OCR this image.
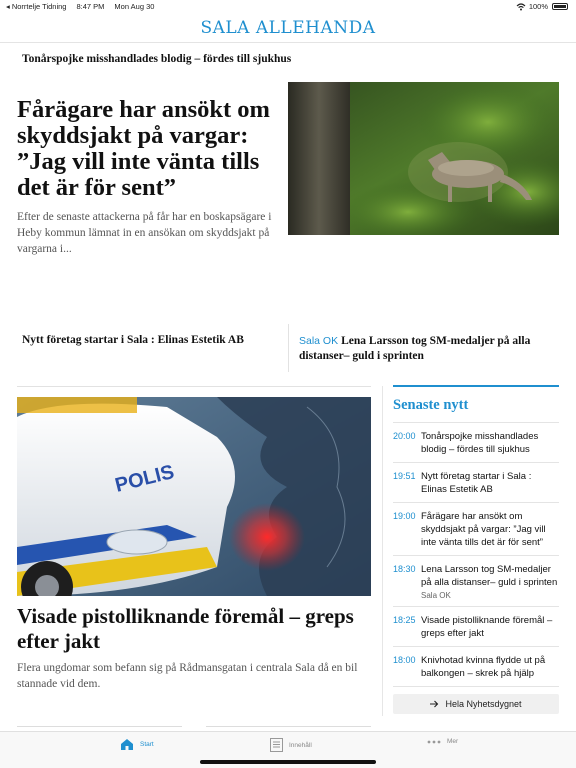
◂ Norrtelje Tidning 8:47 PM Mon Aug 30	100%
SALA ALLEHANDA
Tonårspojke misshandlades blodig – fördes till sjukhus
Fårägare har ansökt om skyddsjakt på vargar: ”Jag vill inte vänta tills det är för sent”
Efter de senaste attackerna på får har en boskapsägare i Heby kommun lämnat in en ansökan om skyddsjakt på vargarna i...
Nytt företag startar i Sala : Elinas Estetik AB	Sala OK Lena Larsson tog SM-medaljer på alla distanser– guld i sprinten
POLIS
Visade pistolliknande föremål – greps efter jakt
Flera ungdomar som befann sig på Rådmansgatan i centrala Sala då en bil stannade vid dem.
Senaste nytt
20:00 Tonårspojke misshandlades blodig – fördes till sjukhus
19:51 Nytt företag startar i Sala : Elinas Estetik AB
19:00 Fårägare har ansökt om skyddsjakt på vargar: ”Jag vill inte vänta tills det är för sent”
18:30 Lena Larsson tog SM-medaljer på alla distanser– guld i sprinten
Sala OK
18:25 Visade pistolliknande föremål – greps efter jakt
18:00 Knivhotad kvinna flydde ut på balkongen – skrek på hjälp
Hela Nyhetsdygnet
Start	Innehåll	Mer
